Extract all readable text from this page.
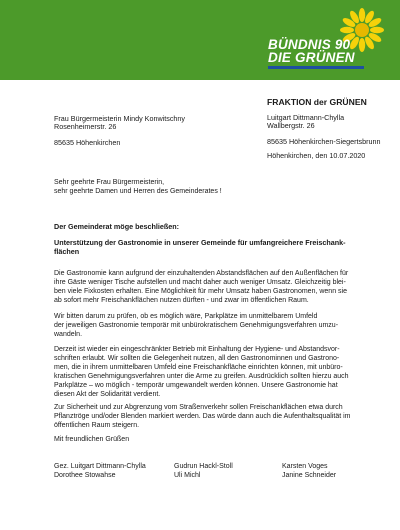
BÜNDNIS 90
DIE GRÜNEN
FRAKTION der GRÜNEN
Luitgart Dittmann-Chylla
Wallbergstr. 26
85635 Höhenkirchen-Siegertsbrunn
Höhenkirchen, den 10.07.2020
Frau Bürgermeisterin Mindy Konwitschny
Rosenheimerstr. 26
85635 Höhenkirchen
Sehr geehrte Frau Bürgermeisterin,
sehr geehrte Damen und Herren des Gemeinderates !
Der Gemeinderat möge beschließen:
Unterstützung der Gastronomie in unserer Gemeinde für umfangreichere Freischank-
flächen
Die Gastronomie kann aufgrund der einzuhaltenden Abstandsflächen auf den Außenflächen für
ihre Gäste weniger Tische aufstellen und macht daher auch weniger Umsatz. Gleichzeitig blei-
ben viele Fixkosten erhalten. Eine Möglichkeit für mehr Umsatz haben Gastronomen, wenn sie
ab sofort mehr Freischankflächen nutzen dürften - und zwar im öffentlichen Raum.
Wir bitten darum zu prüfen, ob es möglich wäre, Parkplätze im unmittelbarem Umfeld
der jeweiligen Gastronomie temporär mit unbürokratischem Genehmigungsverfahren umzu-
wandeln.
Derzeit ist wieder ein eingeschränkter Betrieb mit Einhaltung der Hygiene- und Abstandsvor-
schriften erlaubt. Wir sollten die Gelegenheit nutzen, all den Gastronominnen und Gastrono-
men, die in ihrem unmittelbaren Umfeld eine Freischankfläche einrichten können, mit unbüro-
kratischen Genehmigungsverfahren unter die Arme zu greifen. Ausdrücklich sollten hierzu auch
Parkplätze – wo möglich - temporär umgewandelt werden können. Unsere Gastronomie hat
diesen Akt der Solidarität verdient.
Zur Sicherheit und zur Abgrenzung vom Straßenverkehr sollen Freischankflächen etwa durch
Pflanztröge und/oder Blenden markiert werden. Das würde dann auch die Aufenthaltsqualität im
öffentlichen Raum steigern.
Mit freundlichen Grüßen
Gez. Luitgart Dittmann-Chylla
Dorothee Stowahse
Gudrun Hackl-Stoll
Uli Michl
Karsten Voges
Janine Schneider
